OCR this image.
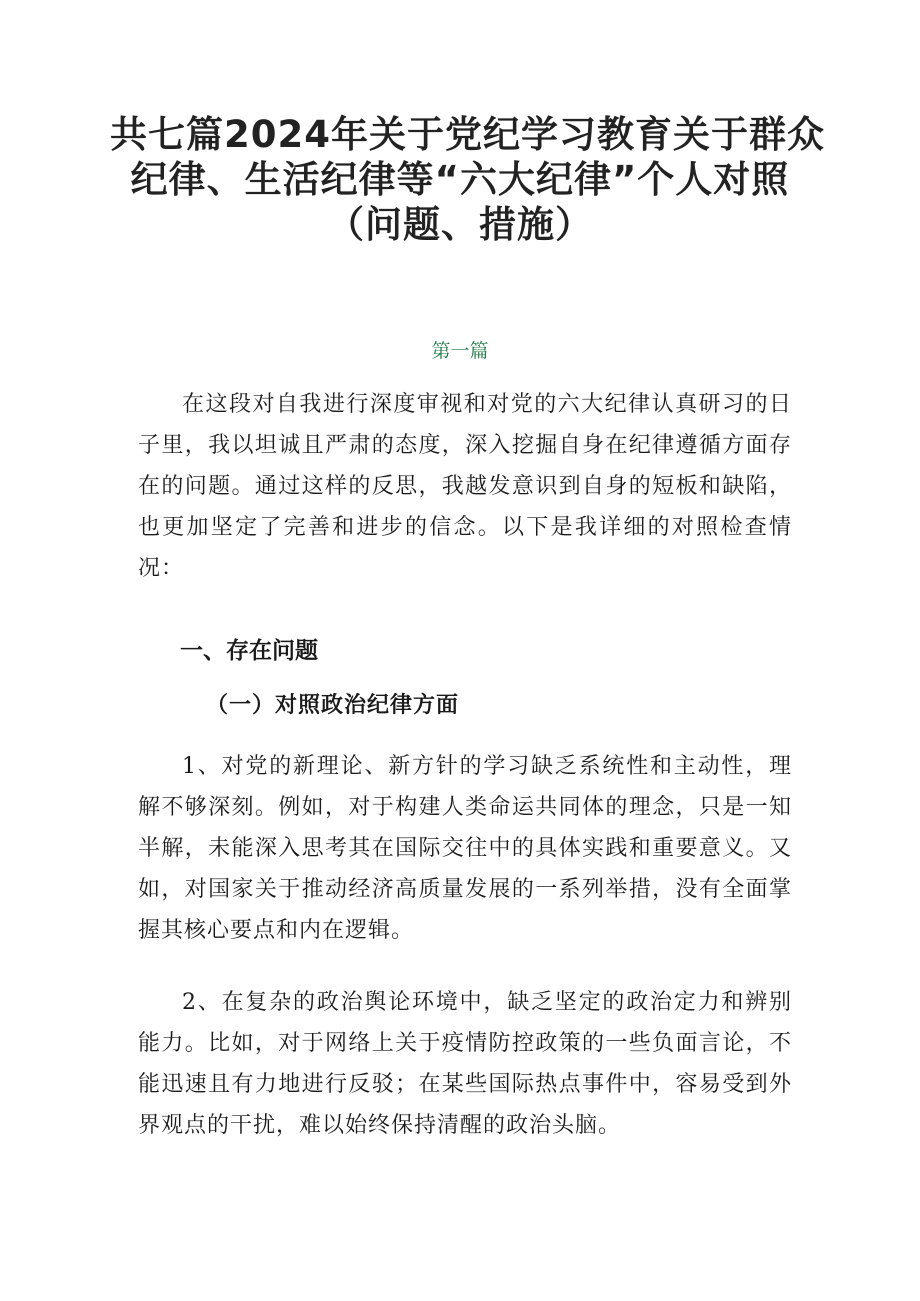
共七篇2024年关于党纪学习教育关于群众
纪律、生活纪律等“六大纪律”个人对照
（问题、措施）
第一篇

在这段对自我进行深度审视和对党的六大纪律认真研习的日子里，我以坦诚且严肃的态度，深入挖掘自身在纪律遵循方面存在的问题。通过这样的反思，我越发意识到自身的短板和缺陷，也更加坚定了完善和进步的信念。以下是我详细的对照检查情况：

一、存在问题
（一）对照政治纪律方面

1、对党的新理论、新方针的学习缺乏系统性和主动性，理解不够深刻。例如，对于构建人类命运共同体的理念，只是一知半解，未能深入思考其在国际交往中的具体实践和重要意义。又如，对国家关于推动经济高质量发展的一系列举措，没有全面掌握其核心要点和内在逻辑。

2、在复杂的政治舆论环境中，缺乏坚定的政治定力和辨别能力。比如，对于网络上关于疫情防控政策的一些负面言论，不能迅速且有力地进行反驳；在某些国际热点事件中，容易受到外界观点的干扰，难以始终保持清醒的政治头脑。
